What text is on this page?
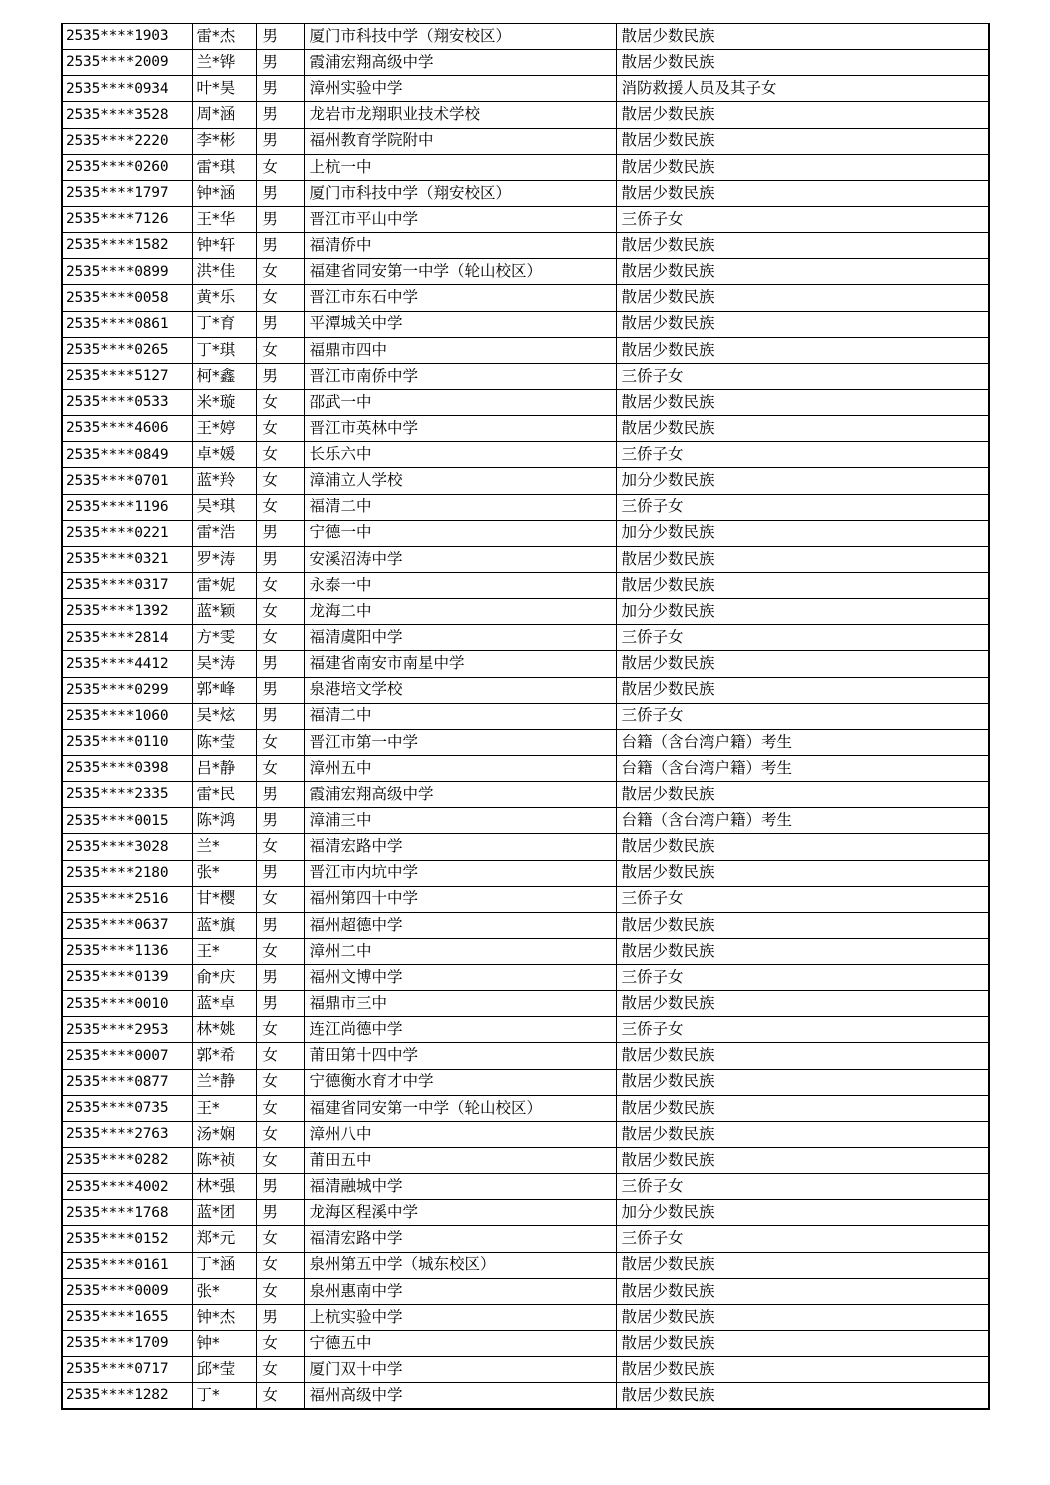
2535****1903	雷*杰	男	厦门市科技中学（翔安校区）	散居少数民族
2535****2009	兰*铧	男	霞浦宏翔高级中学	散居少数民族
2535****0934	叶*昊	男	漳州实验中学	消防救援人员及其子女
2535****3528	周*涵	男	龙岩市龙翔职业技术学校	散居少数民族
2535****2220	李*彬	男	福州教育学院附中	散居少数民族
2535****0260	雷*琪	女	上杭一中	散居少数民族
2535****1797	钟*涵	男	厦门市科技中学（翔安校区）	散居少数民族
2535****7126	王*华	男	晋江市平山中学	三侨子女
2535****1582	钟*轩	男	福清侨中	散居少数民族
2535****0899	洪*佳	女	福建省同安第一中学（轮山校区）	散居少数民族
2535****0058	黄*乐	女	晋江市东石中学	散居少数民族
2535****0861	丁*育	男	平潭城关中学	散居少数民族
2535****0265	丁*琪	女	福鼎市四中	散居少数民族
2535****5127	柯*鑫	男	晋江市南侨中学	三侨子女
2535****0533	米*璇	女	邵武一中	散居少数民族
2535****4606	王*婷	女	晋江市英林中学	散居少数民族
2535****0849	卓*媛	女	长乐六中	三侨子女
2535****0701	蓝*羚	女	漳浦立人学校	加分少数民族
2535****1196	吴*琪	女	福清二中	三侨子女
2535****0221	雷*浩	男	宁德一中	加分少数民族
2535****0321	罗*涛	男	安溪沼涛中学	散居少数民族
2535****0317	雷*妮	女	永泰一中	散居少数民族
2535****1392	蓝*颖	女	龙海二中	加分少数民族
2535****2814	方*雯	女	福清虞阳中学	三侨子女
2535****4412	吴*涛	男	福建省南安市南星中学	散居少数民族
2535****0299	郭*峰	男	泉港培文学校	散居少数民族
2535****1060	吴*炫	男	福清二中	三侨子女
2535****0110	陈*莹	女	晋江市第一中学	台籍（含台湾户籍）考生
2535****0398	吕*静	女	漳州五中	台籍（含台湾户籍）考生
2535****2335	雷*民	男	霞浦宏翔高级中学	散居少数民族
2535****0015	陈*鸿	男	漳浦三中	台籍（含台湾户籍）考生
2535****3028	兰*	女	福清宏路中学	散居少数民族
2535****2180	张*	男	晋江市内坑中学	散居少数民族
2535****2516	甘*樱	女	福州第四十中学	三侨子女
2535****0637	蓝*旗	男	福州超德中学	散居少数民族
2535****1136	王*	女	漳州二中	散居少数民族
2535****0139	俞*庆	男	福州文博中学	三侨子女
2535****0010	蓝*卓	男	福鼎市三中	散居少数民族
2535****2953	林*姚	女	连江尚德中学	三侨子女
2535****0007	郭*希	女	莆田第十四中学	散居少数民族
2535****0877	兰*静	女	宁德衡水育才中学	散居少数民族
2535****0735	王*	女	福建省同安第一中学（轮山校区）	散居少数民族
2535****2763	汤*娴	女	漳州八中	散居少数民族
2535****0282	陈*祯	女	莆田五中	散居少数民族
2535****4002	林*强	男	福清融城中学	三侨子女
2535****1768	蓝*团	男	龙海区程溪中学	加分少数民族
2535****0152	郑*元	女	福清宏路中学	三侨子女
2535****0161	丁*涵	女	泉州第五中学（城东校区）	散居少数民族
2535****0009	张*	女	泉州惠南中学	散居少数民族
2535****1655	钟*杰	男	上杭实验中学	散居少数民族
2535****1709	钟*	女	宁德五中	散居少数民族
2535****0717	邱*莹	女	厦门双十中学	散居少数民族
2535****1282	丁*	女	福州高级中学	散居少数民族
